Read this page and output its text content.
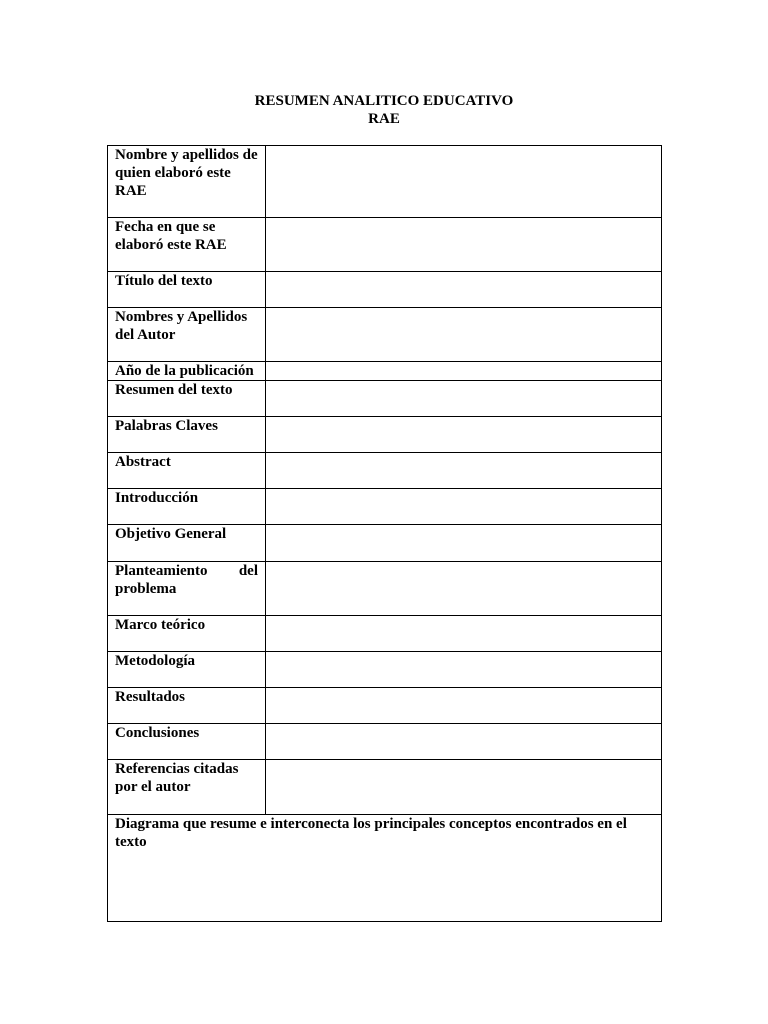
RESUMEN ANALITICO EDUCATIVO
RAE
Nombre y apellidos de quien elaboró este RAE	
Fecha en que se elaboró este RAE	
Título del texto	
Nombres y Apellidos del Autor	
Año de la publicación	
Resumen del texto	
Palabras Claves	
Abstract	
Introducción	
Objetivo General	
Planteamiento del problema	
Marco teórico	
Metodología	
Resultados	
Conclusiones	
Referencias citadas por el autor	
Diagrama que resume e interconecta los principales conceptos encontrados en el texto	
